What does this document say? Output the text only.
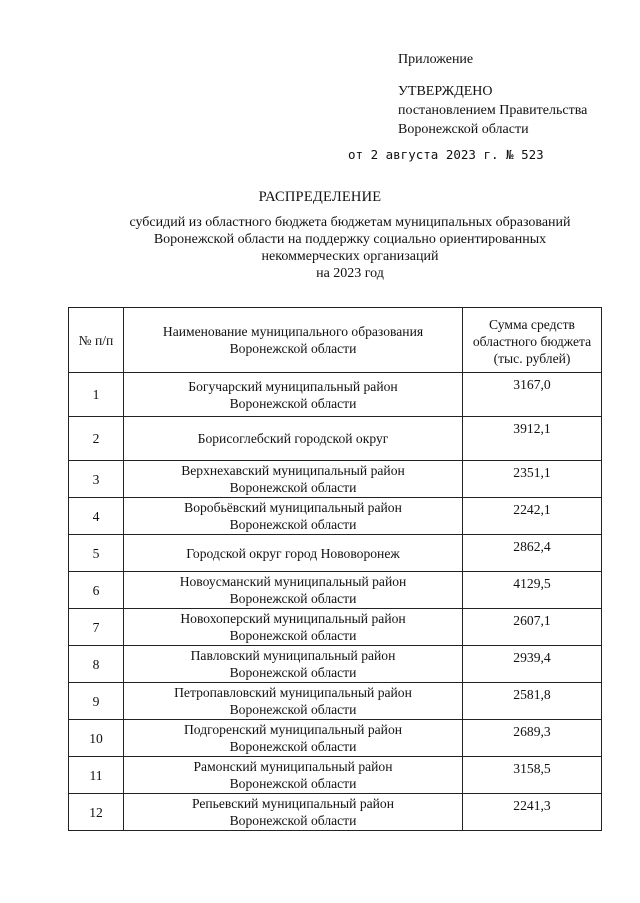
Приложение
УТВЕРЖДЕНО
постановлением Правительства
Воронежской области
от 2 августа 2023 г. № 523
РАСПРЕДЕЛЕНИЕ
субсидий из областного бюджета бюджетам муниципальных образований
Воронежской области на поддержку социально ориентированных
некоммерческих организаций
на 2023 год
№ п/п	Наименование муниципального образования
Воронежской области	Сумма средств
областного бюджета
(тыс. рублей)

1	Богучарский муниципальный район
Воронежской области	3167,0
2	Борисоглебский городской округ	3912,1
3	Верхнехавский муниципальный район
Воронежской области	2351,1
4	Воробьёвский муниципальный район
Воронежской области	2242,1
5	Городской округ город Нововоронеж	2862,4
6	Новоусманский муниципальный район
Воронежской области	4129,5
7	Новохоперский муниципальный район
Воронежской области	2607,1
8	Павловский муниципальный район
Воронежской области	2939,4
9	Петропавловский муниципальный район
Воронежской области	2581,8
10	Подгоренский муниципальный район
Воронежской области	2689,3
11	Рамонский муниципальный район
Воронежской области	3158,5
12	Репьевский муниципальный район
Воронежской области	2241,3
